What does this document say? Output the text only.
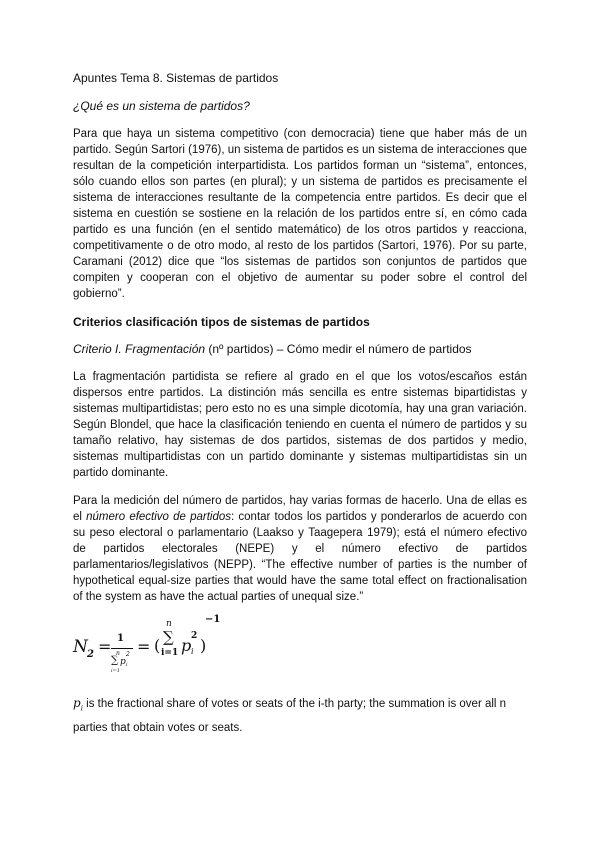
Apuntes Tema 8. Sistemas de partidos

¿Qué es un sistema de partidos?

Para que haya un sistema competitivo (con democracia) tiene que haber más de un partido. Según Sartori (1976), un sistema de partidos es un sistema de interacciones que resultan de la competición interpartidista. Los partidos forman un “sistema”, entonces, sólo cuando ellos son partes (en plural); y un sistema de partidos es precisamente el sistema de interacciones resultante de la competencia entre partidos. Es decir que el sistema en cuestión se sostiene en la relación de los partidos entre sí, en cómo cada partido es una función (en el sentido matemático) de los otros partidos y reacciona, competitivamente o de otro modo, al resto de los partidos (Sartori, 1976). Por su parte, Caramani (2012) dice que “los sistemas de partidos son conjuntos de partidos que compiten y cooperan con el objetivo de aumentar su poder sobre el control del gobierno”.

Criterios clasificación tipos de sistemas de partidos

Criterio I. Fragmentación (nº partidos) – Cómo medir el número de partidos

La fragmentación partidista se refiere al grado en el que los votos/escaños están dispersos entre partidos. La distinción más sencilla es entre sistemas bipartidistas y sistemas multipartidistas; pero esto no es una simple dicotomía, hay una gran variación. Según Blondel, que hace la clasificación teniendo en cuenta el número de partidos y su tamaño relativo, hay sistemas de dos partidos, sistemas de dos partidos y medio, sistemas multipartidistas con un partido dominante y sistemas multipartidistas sin un partido dominante.

Para la medición del número de partidos, hay varias formas de hacerlo. Una de ellas es el número efectivo de partidos: contar todos los partidos y ponderarlos de acuerdo con su peso electoral o parlamentario (Laakso y Taagepera 1979); está el número efectivo de partidos electorales (NEPE) y el número efectivo de partidos parlamentarios/legislativos (NEPP). “The effective number of parties is the number of hypothetical equal-size parties that would have the same total effect on fractionalisation of the system as have the actual parties of unequal size.”

N 2 = 1
n
∑ p
2
i
i=1
= (
n
∑
i=1 p 2
i )
−1

$p_i$ is the fractional share of votes or seats of the i-th party; the summation is over all n parties that obtain votes or seats.
